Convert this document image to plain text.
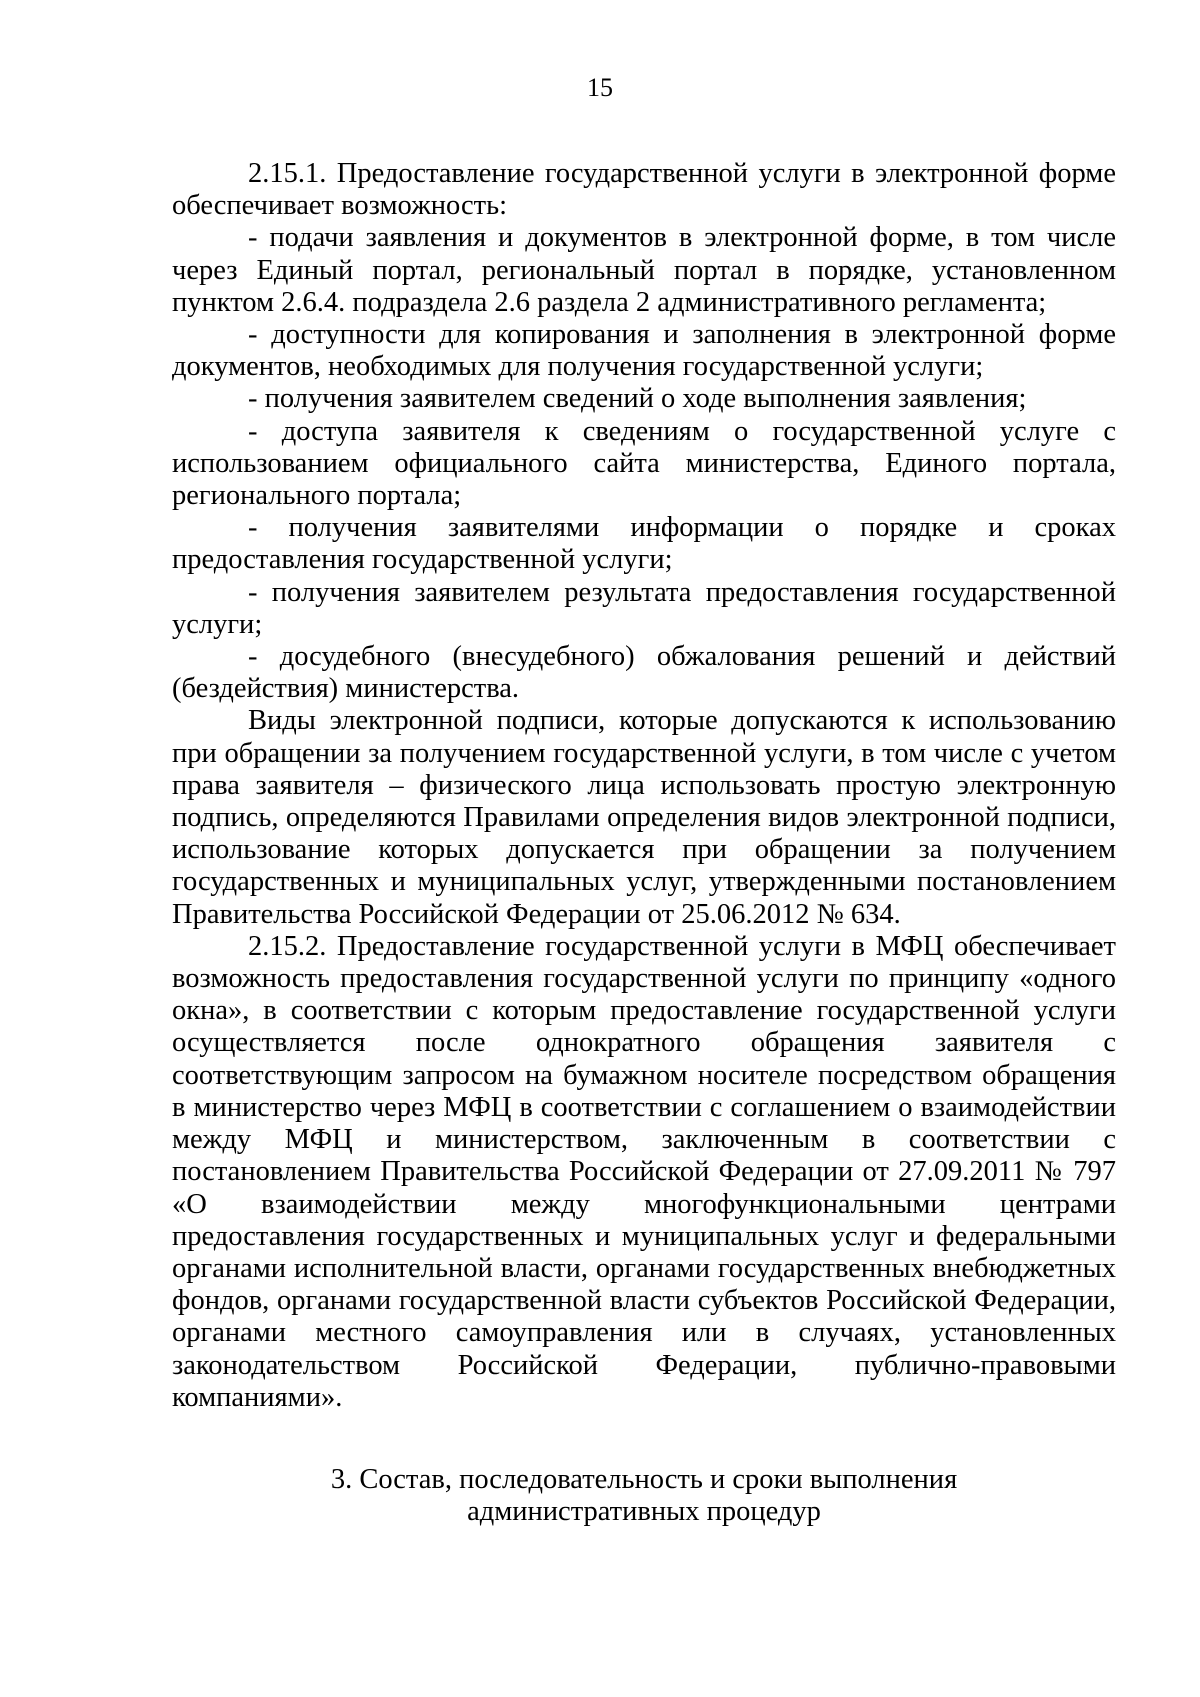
15

2.15.1. Предоставление государственной услуги в электронной форме обеспечивает возможность:

- подачи заявления и документов в электронной форме, в том числе через Единый портал, региональный портал в порядке, установленном пунктом 2.6.4. подраздела 2.6 раздела 2 административного регламента;

- доступности для копирования и заполнения в электронной форме документов, необходимых для получения государственной услуги;

- получения заявителем сведений о ходе выполнения заявления;

- доступа заявителя к сведениям о государственной услуге с использованием официального сайта министерства, Единого портала, регионального портала;

- получения заявителями информации о порядке и сроках предоставления государственной услуги;

- получения заявителем результата предоставления государственной услуги;

- досудебного (внесудебного) обжалования решений и действий (бездействия) министерства.

Виды электронной подписи, которые допускаются к использованию при обращении за получением государственной услуги, в том числе с учетом права заявителя – физического лица использовать простую электронную подпись, определяются Правилами определения видов электронной подписи, использование которых допускается при обращении за получением государственных и муниципальных услуг, утвержденными постановлением Правительства Российской Федерации от 25.06.2012 № 634.

2.15.2. Предоставление государственной услуги в МФЦ обеспечивает возможность предоставления государственной услуги по принципу «одного окна», в соответствии с которым предоставление государственной услуги осуществляется после однократного обращения заявителя с соответствующим запросом на бумажном носителе посредством обращения в министерство через МФЦ в соответствии с соглашением о взаимодействии между МФЦ и министерством, заключенным в соответствии с постановлением Правительства Российской Федерации от 27.09.2011 № 797 «О взаимодействии между многофункциональными центрами предоставления государственных и муниципальных услуг и федеральными органами исполнительной власти, органами государственных внебюджетных фондов, органами государственной власти субъектов Российской Федерации, органами местного самоуправления или в случаях, установленных законодательством Российской Федерации, публично-правовыми компаниями».

3. Состав, последовательность и сроки выполнения
административных процедур
